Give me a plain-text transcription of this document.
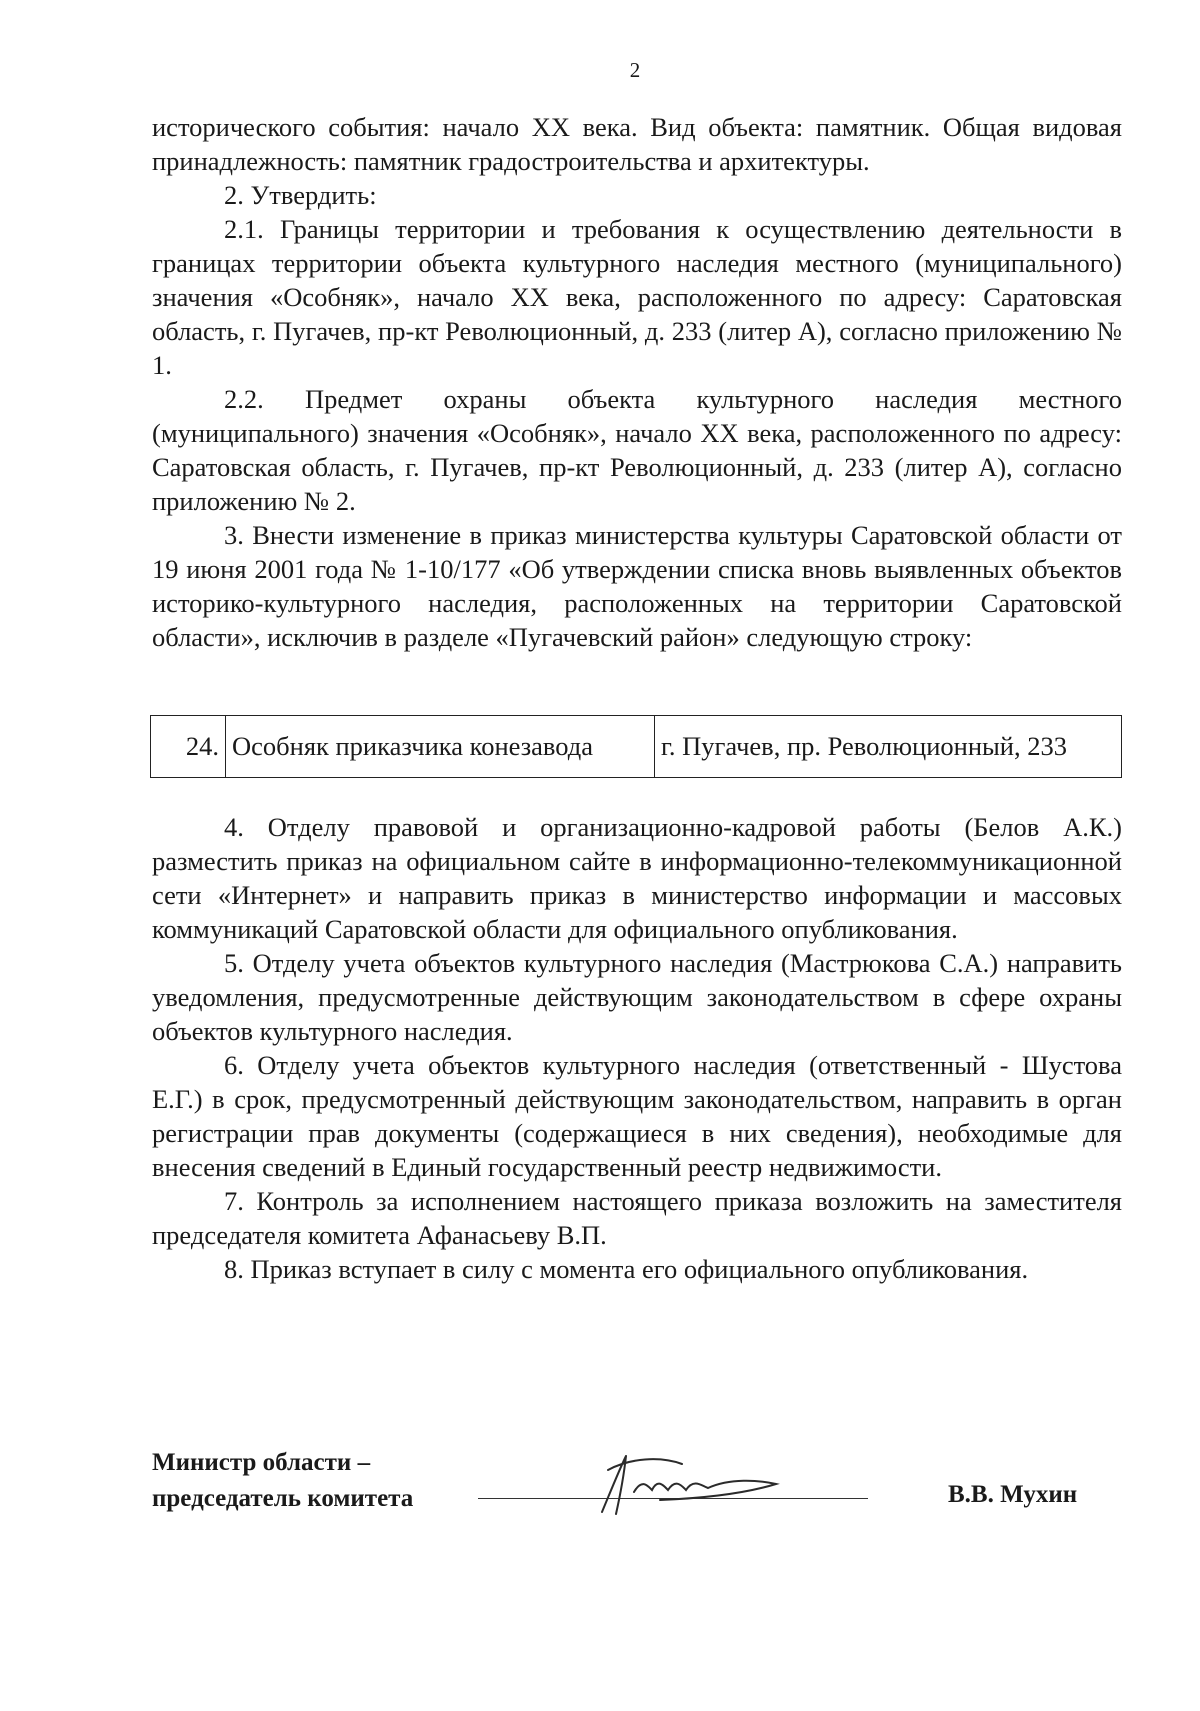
2

исторического события: начало XX века. Вид объекта: памятник. Общая видовая принадлежность: памятник градостроительства и архитектуры.

2. Утвердить:

2.1. Границы территории и требования к осуществлению деятельности в границах территории объекта культурного наследия местного (муниципального) значения «Особняк», начало XX века, расположенного по адресу: Саратовская область, г. Пугачев, пр-кт Революционный, д. 233 (литер А), согласно приложению № 1.

2.2. Предмет охраны объекта культурного наследия местного (муниципального) значения «Особняк», начало XX века, расположенного по адресу: Саратовская область, г. Пугачев, пр-кт Революционный, д. 233 (литер А), согласно приложению № 2.

3. Внести изменение в приказ министерства культуры Саратовской области от 19 июня 2001 года № 1-10/177 «Об утверждении списка вновь выявленных объектов историко-культурного наследия, расположенных на территории Саратовской области», исключив в разделе «Пугачевский район» следующую строку:

24.	Особняк приказчика конезавода	г. Пугачев, пр. Революционный, 233

4. Отделу правовой и организационно-кадровой работы (Белов А.К.) разместить приказ на официальном сайте в информационно-телекоммуникационной сети «Интернет» и направить приказ в министерство информации и массовых коммуникаций Саратовской области для официального опубликования.

5. Отделу учета объектов культурного наследия (Мастрюкова С.А.) направить уведомления, предусмотренные действующим законодательством в сфере охраны объектов культурного наследия.

6. Отделу учета объектов культурного наследия (ответственный - Шустова Е.Г.) в срок, предусмотренный действующим законодательством, направить в орган регистрации прав документы (содержащиеся в них сведения), необходимые для внесения сведений в Единый государственный реестр недвижимости.

7. Контроль за исполнением настоящего приказа возложить на заместителя председателя комитета Афанасьеву В.П.

8. Приказ вступает в силу с момента его официального опубликования.

Министр области –
председатель комитета	В.В. Мухин
